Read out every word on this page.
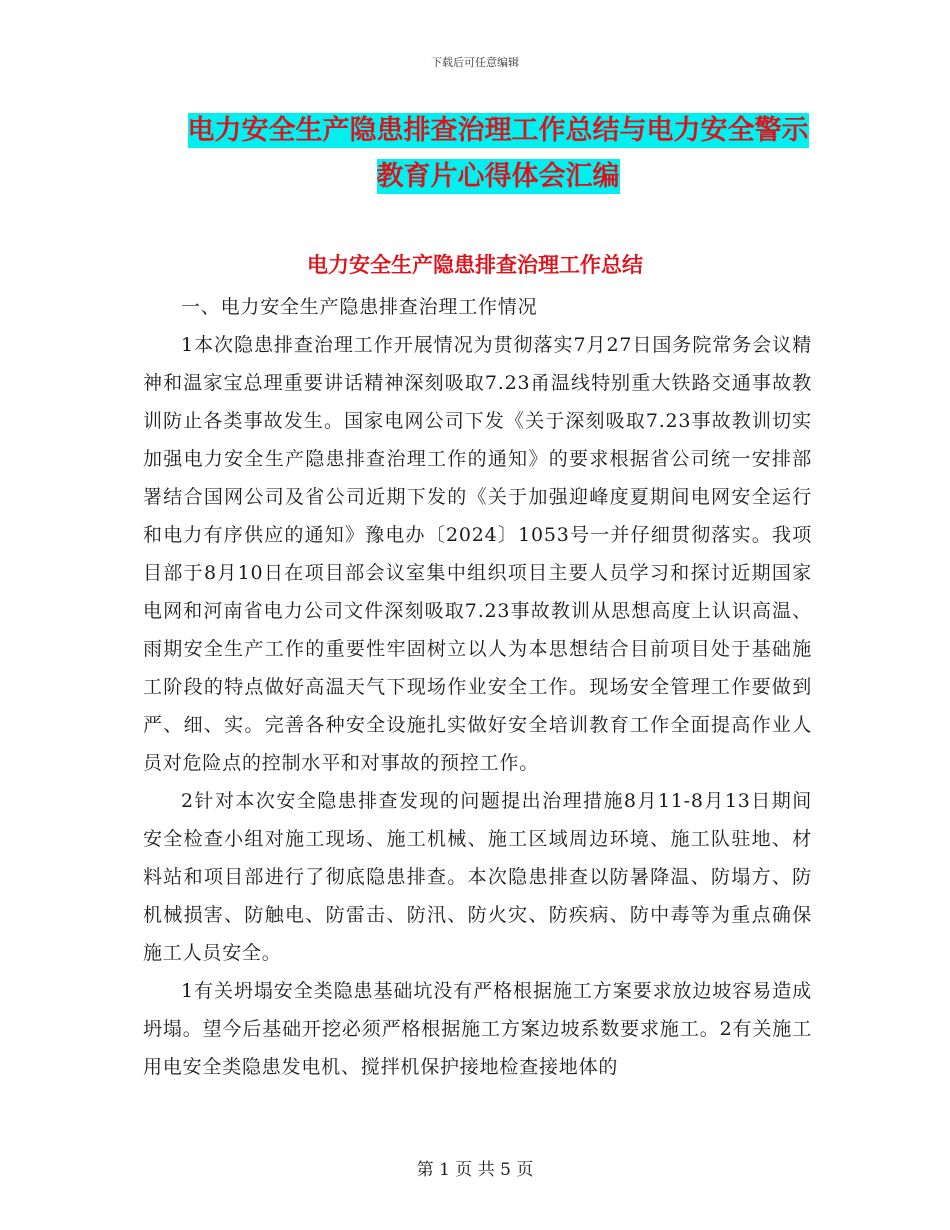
下载后可任意编辑
电力安全生产隐患排查治理工作总结与电力安全警示
教育片心得体会汇编
电力安全生产隐患排查治理工作总结

一、电力安全生产隐患排查治理工作情况

1本次隐患排查治理工作开展情况为贯彻落实7月27日国务院常务会议精神和温家宝总理重要讲话精神深刻吸取7.23甬温线特别重大铁路交通事故教训防止各类事故发生。国家电网公司下发《关于深刻吸取7.23事故教训切实加强电力安全生产隐患排查治理工作的通知》的要求根据省公司统一安排部署结合国网公司及省公司近期下发的《关于加强迎峰度夏期间电网安全运行和电力有序供应的通知》豫电办〔2024〕1053号一并仔细贯彻落实。我项目部于8月10日在项目部会议室集中组织项目主要人员学习和探讨近期国家电网和河南省电力公司文件深刻吸取7.23事故教训从思想高度上认识高温、雨期安全生产工作的重要性牢固树立以人为本思想结合目前项目处于基础施工阶段的特点做好高温天气下现场作业安全工作。现场安全管理工作要做到严、细、实。完善各种安全设施扎实做好安全培训教育工作全面提高作业人员对危险点的控制水平和对事故的预控工作。

2针对本次安全隐患排查发现的问题提出治理措施8月11-8月13日期间安全检查小组对施工现场、施工机械、施工区域周边环境、施工队驻地、材料站和项目部进行了彻底隐患排查。本次隐患排查以防暑降温、防塌方、防机械损害、防触电、防雷击、防汛、防火灾、防疾病、防中毒等为重点确保施工人员安全。

1有关坍塌安全类隐患基础坑没有严格根据施工方案要求放边坡容易造成坍塌。望今后基础开挖必须严格根据施工方案边坡系数要求施工。2有关施工用电安全类隐患发电机、搅拌机保护接地检查接地体的

第 1 页 共 5 页
